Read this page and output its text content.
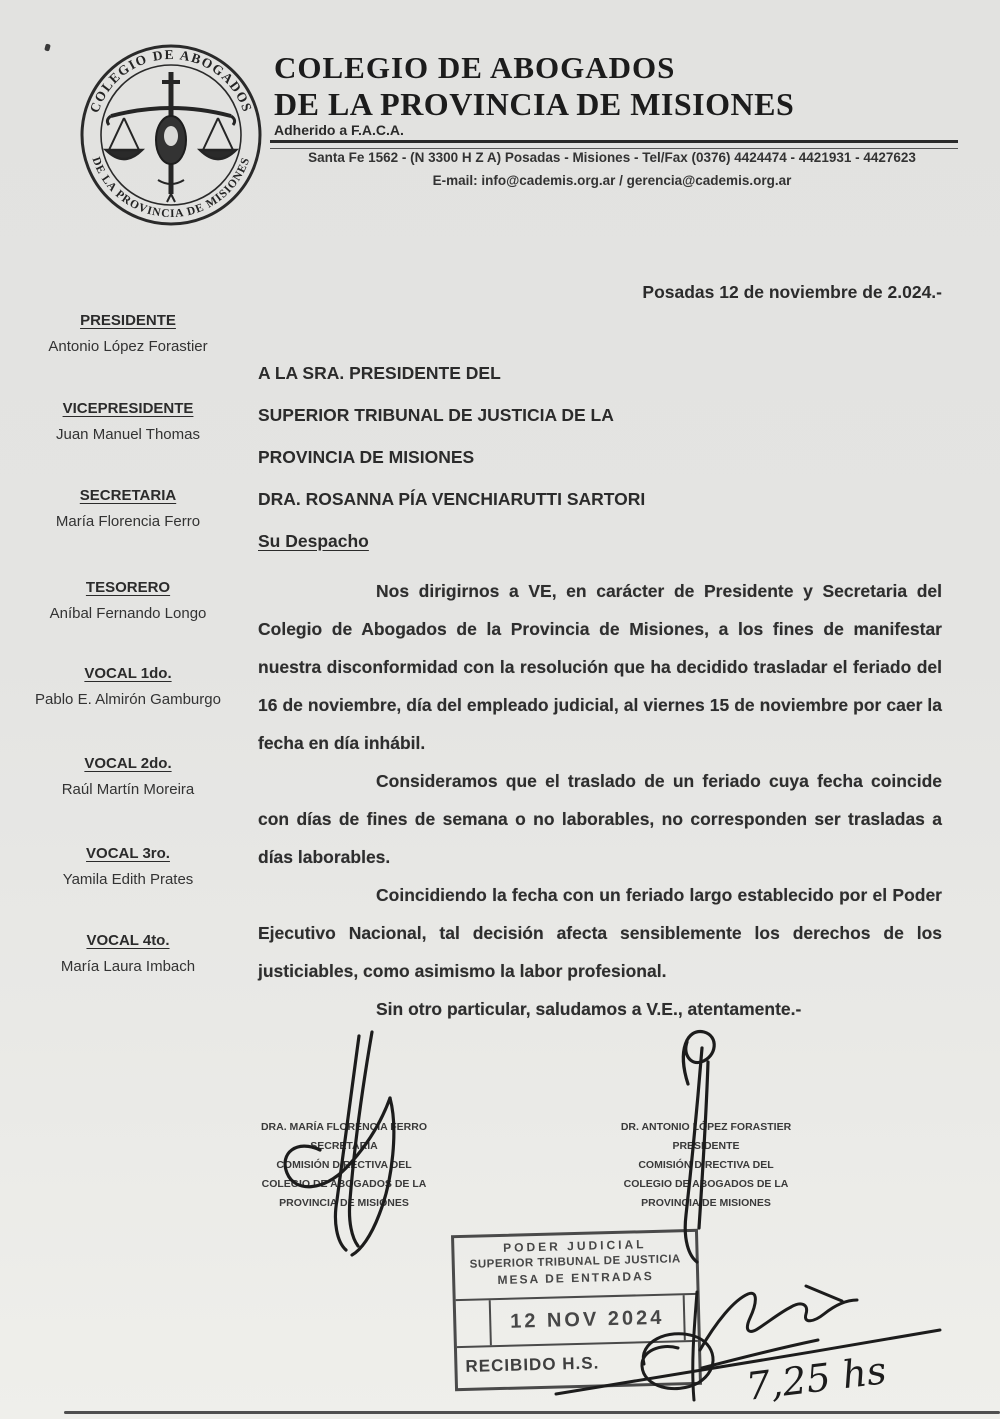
COLEGIO DE ABOGADOS
DE LA PROVINCIA DE MISIONES
COLEGIO DE ABOGADOS
DE LA PROVINCIA DE MISIONES
Adherido a F.A.C.A.
Santa Fe 1562 - (N 3300 H Z A) Posadas - Misiones - Tel/Fax (0376) 4424474 - 4421931 - 4427623
E-mail: info@cademis.org.ar / gerencia@cademis.org.ar
Posadas 12 de noviembre de 2.024.-
PRESIDENTE
Antonio López Forastier
VICEPRESIDENTE
Juan Manuel Thomas
SECRETARIA
María Florencia Ferro
TESORERO
Aníbal Fernando Longo
VOCAL 1do.
Pablo E. Almirón Gamburgo
VOCAL 2do.
Raúl Martín Moreira
VOCAL 3ro.
Yamila Edith Prates
VOCAL 4to.
María Laura Imbach
A LA SRA. PRESIDENTE DEL
SUPERIOR TRIBUNAL DE JUSTICIA DE LA
PROVINCIA DE MISIONES
DRA. ROSANNA PÍA VENCHIARUTTI SARTORI
Su Despacho

Nos dirigirnos a VE, en carácter de Presidente y Secretaria del Colegio de Abogados de la Provincia de Misiones, a los fines de manifestar nuestra disconformidad con la resolución que ha decidido trasladar el feriado del 16 de noviembre, día del empleado judicial, al viernes 15 de noviembre por caer la fecha en día inhábil.

Consideramos que el traslado de un feriado cuya fecha coincide con días de fines de semana o no laborables, no corresponden ser trasladas a días laborables.

Coincidiendo la fecha con un feriado largo establecido por el Poder Ejecutivo Nacional, tal decisión afecta sensiblemente los derechos de los justiciables, como asimismo la labor profesional.

Sin otro particular, saludamos a V.E., atentamente.-

DRA. MARÍA FLORENCIA FERRO
SECRETARIA
COMISIÓN DIRECTIVA DEL
COLEGIO DE ABOGADOS DE LA
PROVINCIA DE MISIONES
DR. ANTONIO LÓPEZ FORASTIER
PRESIDENTE
COMISIÓN DIRECTIVA DEL
COLEGIO DE ABOGADOS DE LA
PROVINCIA DE MISIONES
PODER JUDICIAL
SUPERIOR TRIBUNAL DE JUSTICIA
MESA DE ENTRADAS
12 NOV 2024
RECIBIDO H.S.	7,25 hs
